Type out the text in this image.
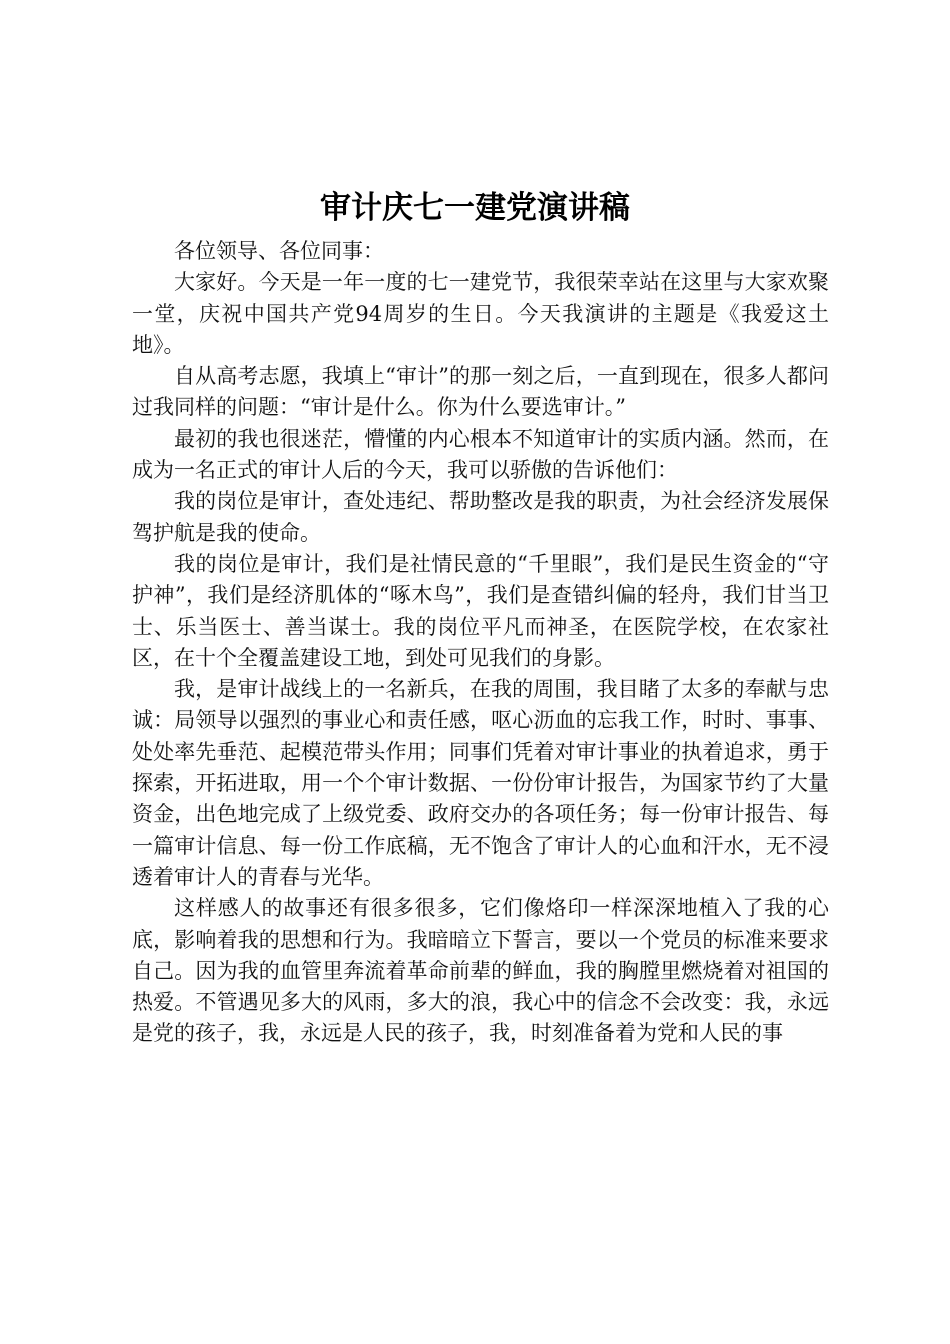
审计庆七一建党演讲稿

各位领导、各位同事：

大家好。今天是一年一度的七一建党节，我很荣幸站在这里与大家欢聚一堂，庆祝中国共产党94周岁的生日。今天我演讲的主题是《我爱这土地》。

自从高考志愿，我填上“审计”的那一刻之后，一直到现在，很多人都问过我同样的问题：“审计是什么。你为什么要选审计。”

最初的我也很迷茫，懵懂的内心根本不知道审计的实质内涵。然而，在成为一名正式的审计人后的今天，我可以骄傲的告诉他们：

我的岗位是审计，查处违纪、帮助整改是我的职责，为社会经济发展保驾护航是我的使命。

我的岗位是审计，我们是社情民意的“千里眼”，我们是民生资金的“守护神”，我们是经济肌体的“啄木鸟”，我们是查错纠偏的轻舟，我们甘当卫士、乐当医士、善当谋士。我的岗位平凡而神圣，在医院学校，在农家社区，在十个全覆盖建设工地，到处可见我们的身影。

我，是审计战线上的一名新兵，在我的周围，我目睹了太多的奉献与忠诚：局领导以强烈的事业心和责任感，呕心沥血的忘我工作，时时、事事、处处率先垂范、起模范带头作用；同事们凭着对审计事业的执着追求，勇于探索，开拓进取，用一个个审计数据、一份份审计报告，为国家节约了大量资金，出色地完成了上级党委、政府交办的各项任务；每一份审计报告、每一篇审计信息、每一份工作底稿，无不饱含了审计人的心血和汗水，无不浸透着审计人的青春与光华。

这样感人的故事还有很多很多，它们像烙印一样深深地植入了我的心底，影响着我的思想和行为。我暗暗立下誓言，要以一个党员的标准来要求自己。因为我的血管里奔流着革命前辈的鲜血，我的胸膛里燃烧着对祖国的热爱。不管遇见多大的风雨，多大的浪，我心中的信念不会改变：我，永远是党的孩子，我，永远是人民的孩子，我，时刻准备着为党和人民的事
